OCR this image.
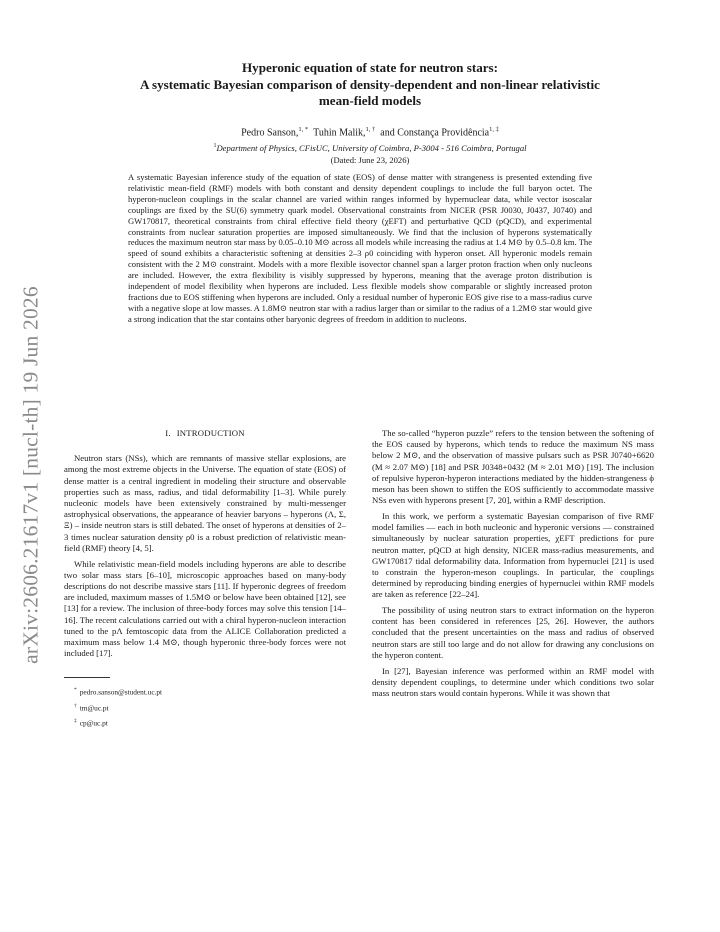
arXiv:2606.21617v1 [nucl-th] 19 Jun 2026
Hyperonic equation of state for neutron stars:
A systematic Bayesian comparison of density-dependent and non-linear relativistic
mean-field models
Pedro Sanson,$^{1, *}$ Tuhin Malik,$^{1, \dagger}$ and Constança Providência$^{1, \ddagger}$
$^1$Department of Physics, CFisUC, University of Coimbra, P-3004 - 516 Coimbra, Portugal
(Dated: June 23, 2026)

A systematic Bayesian inference study of the equation of state (EOS) of dense matter with strangeness is presented extending five relativistic mean-field (RMF) models with both constant and density dependent couplings to include the full baryon octet. The hyperon-nucleon couplings in the scalar channel are varied within ranges informed by hypernuclear data, while vector isoscalar couplings are fixed by the SU(6) symmetry quark model. Observational constraints from NICER (PSR J0030, J0437, J0740) and GW170817, theoretical constraints from chiral effective field theory (χEFT) and perturbative QCD (pQCD), and experimental constraints from nuclear saturation properties are imposed simultaneously. We find that the inclusion of hyperons systematically reduces the maximum neutron star mass by 0.05–0.10 M⊙ across all models while increasing the radius at 1.4 M⊙ by 0.5–0.8 km. The speed of sound exhibits a characteristic softening at densities 2–3 ρ0 coinciding with hyperon onset. All hyperonic models remain consistent with the 2 M⊙ constraint. Models with a more flexible isovector channel span a larger proton fraction when only nucleons are included. However, the extra flexibility is visibly suppressed by hyperons, meaning that the average proton distribution is independent of model flexibility when hyperons are included. Less flexible models show comparable or slightly increased proton fractions due to EOS stiffening when hyperons are included. Only a residual number of hyperonic EOS give rise to a mass-radius curve with a negative slope at low masses. A 1.8M⊙ neutron star with a radius larger than or similar to the radius of a 1.2M⊙ star would give a strong indication that the star contains other baryonic degrees of freedom in addition to nucleons.

I. INTRODUCTION

Neutron stars (NSs), which are remnants of massive stellar explosions, are among the most extreme objects in the Universe. The equation of state (EOS) of dense matter is a central ingredient in modeling their structure and observable properties such as mass, radius, and tidal deformability [1–3]. While purely nucleonic models have been extensively constrained by multi-messenger astrophysical observations, the appearance of heavier baryons – hyperons (Λ, Σ, Ξ) – inside neutron stars is still debated. The onset of hyperons at densities of 2–3 times nuclear saturation density ρ0 is a robust prediction of relativistic mean-field (RMF) theory [4, 5].

While relativistic mean-field models including hyperons are able to describe two solar mass stars [6–10], microscopic approaches based on many-body descriptions do not describe massive stars [11]. If hyperonic degrees of freedom are included, maximum masses of 1.5M⊙ or below have been obtained [12], see [13] for a review. The inclusion of three-body forces may solve this tension [14–16]. The recent calculations carried out with a chiral hyperon-nucleon interaction tuned to the pΛ femtoscopic data from the ALICE Collaboration predicted a maximum mass below 1.4 M⊙, though hyperonic three-body forces were not included [17].

* pedro.sanson@student.uc.pt

† tm@uc.pt

‡ cp@uc.pt

The so-called “hyperon puzzle” refers to the tension between the softening of the EOS caused by hyperons, which tends to reduce the maximum NS mass below 2 M⊙, and the observation of massive pulsars such as PSR J0740+6620 (M ≈ 2.07 M⊙) [18] and PSR J0348+0432 (M ≈ 2.01 M⊙) [19]. The inclusion of repulsive hyperon-hyperon interactions mediated by the hidden-strangeness ϕ meson has been shown to stiffen the EOS sufficiently to accommodate massive NSs even with hyperons present [7, 20], within a RMF description.

In this work, we perform a systematic Bayesian comparison of five RMF model families — each in both nucleonic and hyperonic versions — constrained simultaneously by nuclear saturation properties, χEFT predictions for pure neutron matter, pQCD at high density, NICER mass-radius measurements, and GW170817 tidal deformability data. Information from hypernuclei [21] is used to constrain the hyperon-meson couplings. In particular, the couplings determined by reproducing binding energies of hypernuclei within RMF models are taken as reference [22–24].

The possibility of using neutron stars to extract information on the hyperon content has been considered in references [25, 26]. However, the authors concluded that the present uncertainties on the mass and radius of observed neutron stars are still too large and do not allow for drawing any conclusions on the hyperon content.

In [27], Bayesian inference was performed within an RMF model with density dependent couplings, to determine under which conditions two solar mass neutron stars would contain hyperons. While it was shown that
